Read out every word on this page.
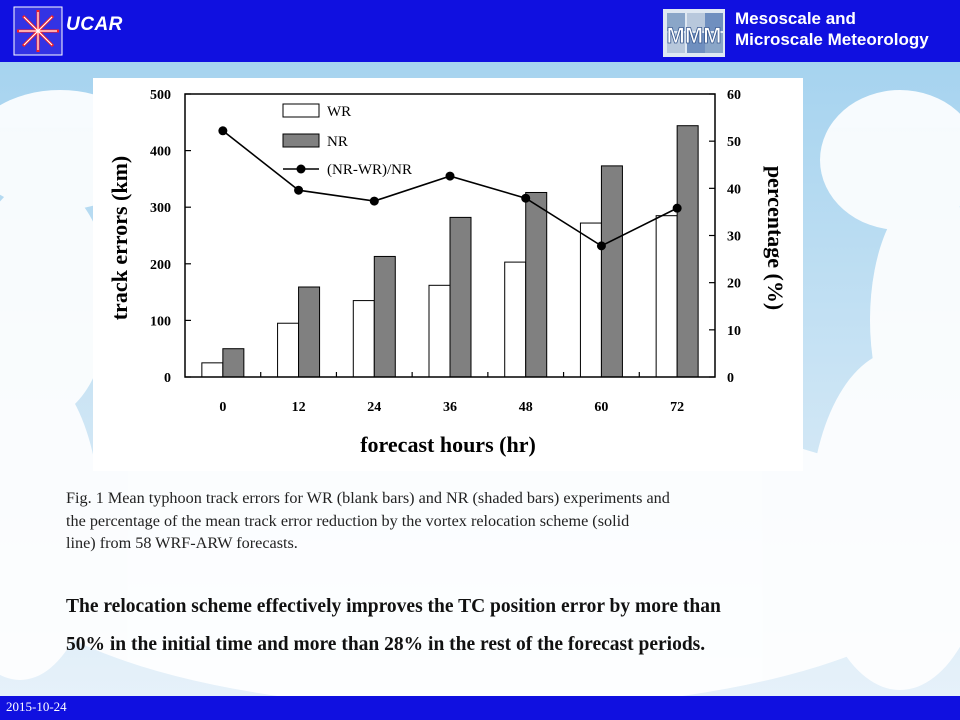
UCAR	MMM
Mesoscale and
Microscale Meteorology
0
100
200
300
400
500
0
10
20
30
40
50
60
0	12	24	36	48	60	72
WR
NR
(NR-WR)/NR
forecast hours (hr)
track errors (km)	percentage (%)
Fig. 1 Mean typhoon track errors for WR (blank bars) and NR (shaded bars) experiments and
the percentage of the mean track error reduction by the vortex relocation scheme (solid
line) from 58 WRF-ARW forecasts.
The relocation scheme effectively improves the TC position error by more than
50% in the initial time and more than 28% in the rest of the forecast periods.
2015-10-24
